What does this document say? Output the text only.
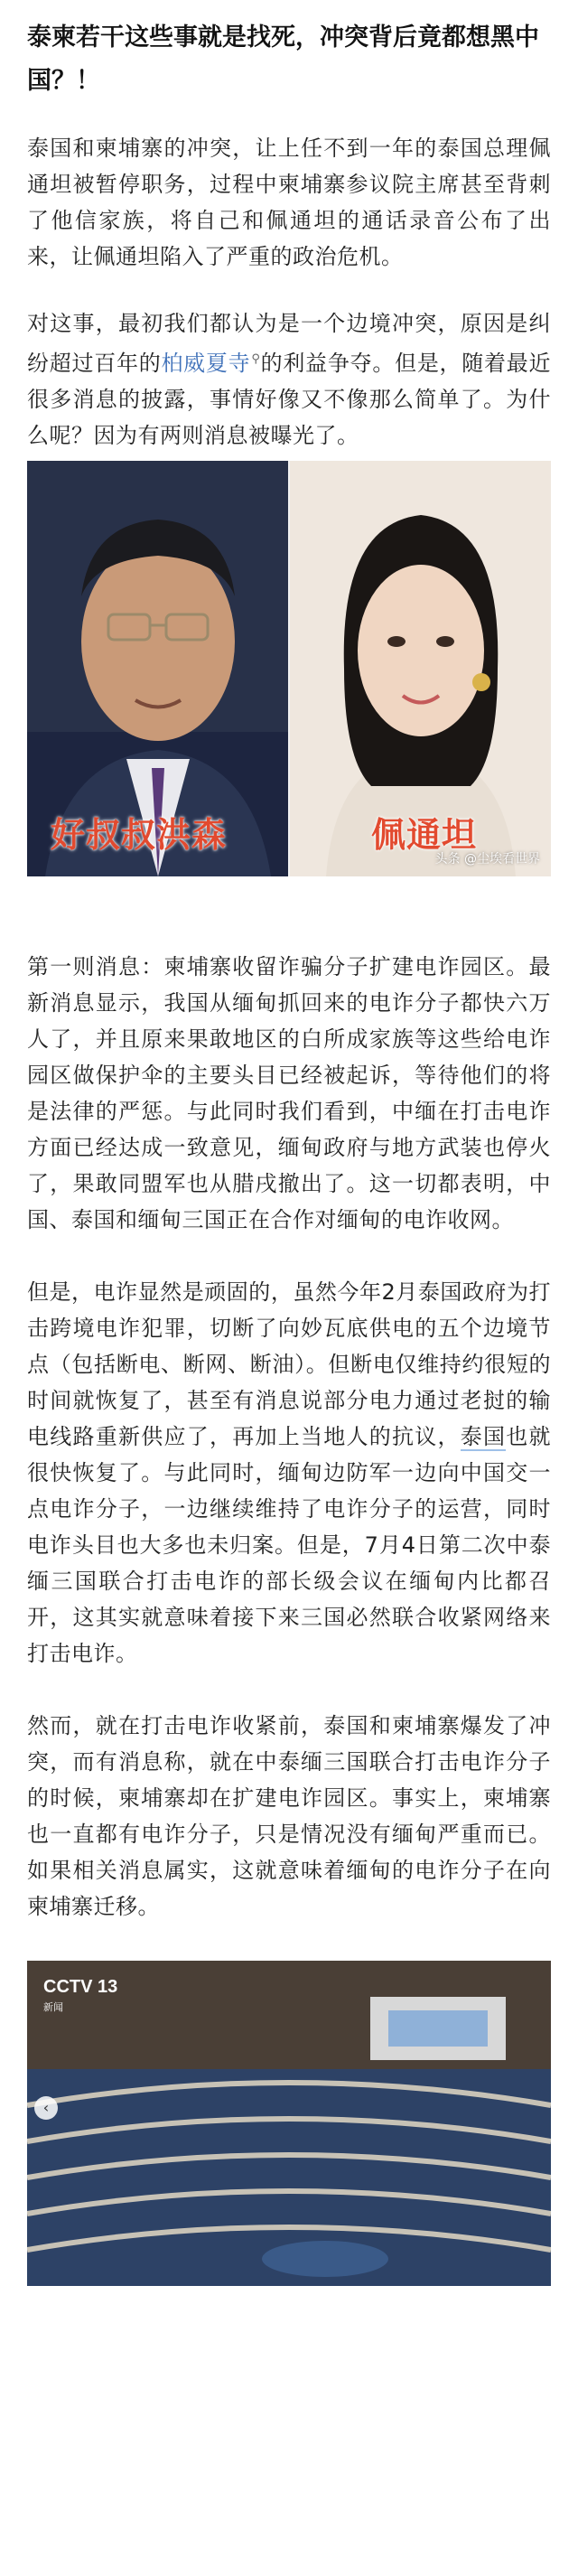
泰柬若干这些事就是找死，冲突背后竟都想黑中国？！

泰国和柬埔寨的冲突，让上任不到一年的泰国总理佩通坦被暂停职务，过程中柬埔寨参议院主席甚至背刺了他信家族，将自己和佩通坦的通话录音公布了出来，让佩通坦陷入了严重的政治危机。

对这事，最初我们都认为是一个边境冲突，原因是纠纷超过百年的柏威夏寺⚲的利益争夺。但是，随着最近很多消息的披露，事情好像又不像那么简单了。为什么呢？因为有两则消息被曝光了。

好叔叔洪森	佩通坦
头条 @尘埃看世界

第一则消息：柬埔寨收留诈骗分子扩建电诈园区。最新消息显示，我国从缅甸抓回来的电诈分子都快六万人了，并且原来果敢地区的白所成家族等这些给电诈园区做保护伞的主要头目已经被起诉，等待他们的将是法律的严惩。与此同时我们看到，中缅在打击电诈方面已经达成一致意见，缅甸政府与地方武装也停火了，果敢同盟军也从腊戌撤出了。这一切都表明，中国、泰国和缅甸三国正在合作对缅甸的电诈收网。

但是，电诈显然是顽固的，虽然今年2月泰国政府为打击跨境电诈犯罪，切断了向妙瓦底供电的五个边境节点（包括断电、断网、断油）。但断电仅维持约很短的时间就恢复了，甚至有消息说部分电力通过老挝的输电线路重新供应了，再加上当地人的抗议，泰国也就很快恢复了。与此同时，缅甸边防军一边向中国交一点电诈分子，一边继续维持了电诈分子的运营，同时电诈头目也大多也未归案。但是，7月4日第二次中泰缅三国联合打击电诈的部长级会议在缅甸内比都召开，这其实就意味着接下来三国必然联合收紧网络来打击电诈。

然而，就在打击电诈收紧前，泰国和柬埔寨爆发了冲突，而有消息称，就在中泰缅三国联合打击电诈分子的时候，柬埔寨却在扩建电诈园区。事实上，柬埔寨也一直都有电诈分子，只是情况没有缅甸严重而已。如果相关消息属实，这就意味着缅甸的电诈分子在向柬埔寨迁移。

CCTV 13
新闻
‹
